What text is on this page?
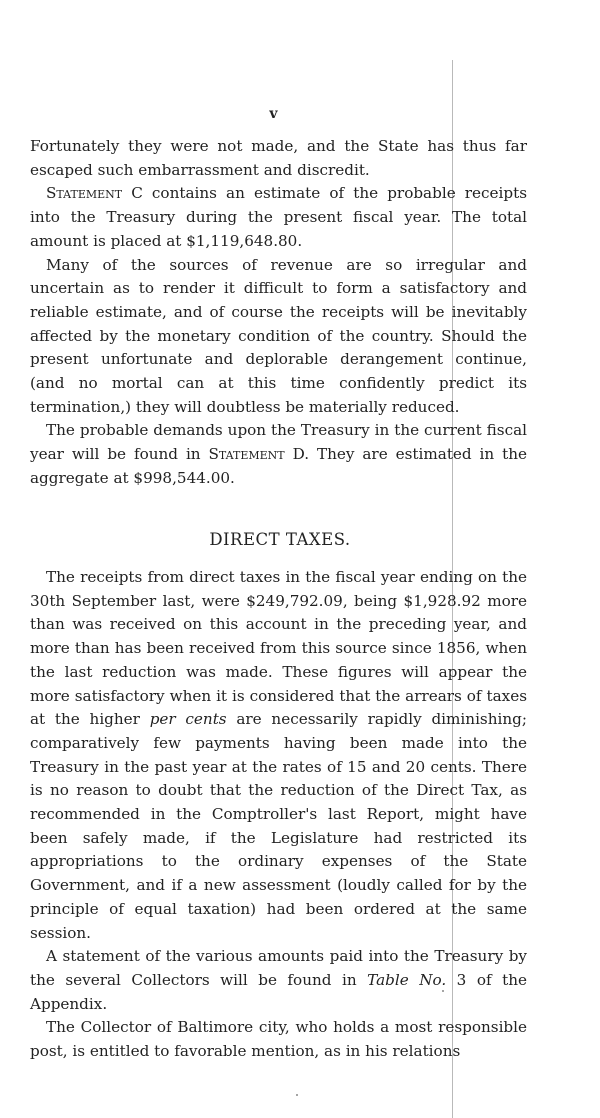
v

Fortunately they were not made, and the State has thus far escaped such embarrassment and discredit.

Statement C contains an estimate of the probable receipts into the Treasury during the present fiscal year. The total amount is placed at $1,119,648.80.

Many of the sources of revenue are so irregular and uncertain as to render it difficult to form a satisfactory and reliable estimate, and of course the receipts will be inevitably affected by the monetary condition of the country. Should the present unfortunate and deplorable derangement continue, (and no mortal can at this time confidently predict its termination,) they will doubtless be materially reduced.

The probable demands upon the Treasury in the current fiscal year will be found in Statement D. They are estimated in the aggregate at $998,544.00.

DIRECT TAXES.

The receipts from direct taxes in the fiscal year ending on the 30th September last, were $249,792.09, being $1,928.92 more than was received on this account in the preceding year, and more than has been received from this source since 1856, when the last reduction was made. These figures will appear the more satisfactory when it is considered that the arrears of taxes at the higher per cents are necessarily rapidly diminishing; comparatively few payments having been made into the Treasury in the past year at the rates of 15 and 20 cents. There is no reason to doubt that the reduction of the Direct Tax, as recommended in the Comptroller's last Report, might have been safely made, if the Legislature had restricted its appropriations to the ordinary expenses of the State Government, and if a new assessment (loudly called for by the principle of equal taxation) had been ordered at the same session.

A statement of the various amounts paid into the Treasury by the several Collectors will be found in Table No. 3 of the Appendix.

The Collector of Baltimore city, who holds a most responsible post, is entitled to favorable mention, as in his relations
